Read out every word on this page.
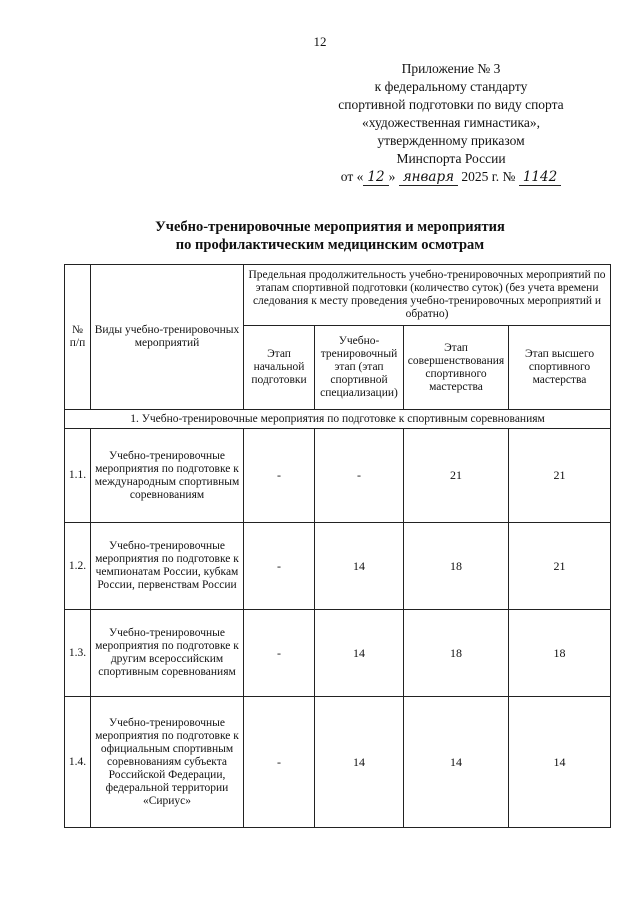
12
Приложение № 3
к федеральному стандарту
спортивной подготовки по виду спорта
«художественная гимнастика»,
утвержденному приказом
Минспорта России
от « 12 » января 2025 г. № 1142
Учебно-тренировочные мероприятия и мероприятия
по профилактическим медицинским осмотрам
№ п/п	Виды учебно-тренировочных мероприятий	Предельная продолжительность учебно-тренировочных мероприятий по этапам спортивной подготовки (количество суток) (без учета времени следования к месту проведения учебно-тренировочных мероприятий и обратно)			
		Этап начальной подготовки	Учебно-тренировочный этап (этап спортивной специализации)	Этап совершенствования спортивного мастерства	Этап высшего спортивного мастерства
1. Учебно-тренировочные мероприятия по подготовке к спортивным соревнованиям					
1.1.	Учебно-тренировочные мероприятия по подготовке к международным спортивным соревнованиям	-	-	21	21
1.2.	Учебно-тренировочные мероприятия по подготовке к чемпионатам России, кубкам России, первенствам России	-	14	18	21
1.3.	Учебно-тренировочные мероприятия по подготовке к другим всероссийским спортивным соревнованиям	-	14	18	18
1.4.	Учебно-тренировочные мероприятия по подготовке к официальным спортивным соревнованиям субъекта Российской Федерации, федеральной территории «Сириус»	-	14	14	14
